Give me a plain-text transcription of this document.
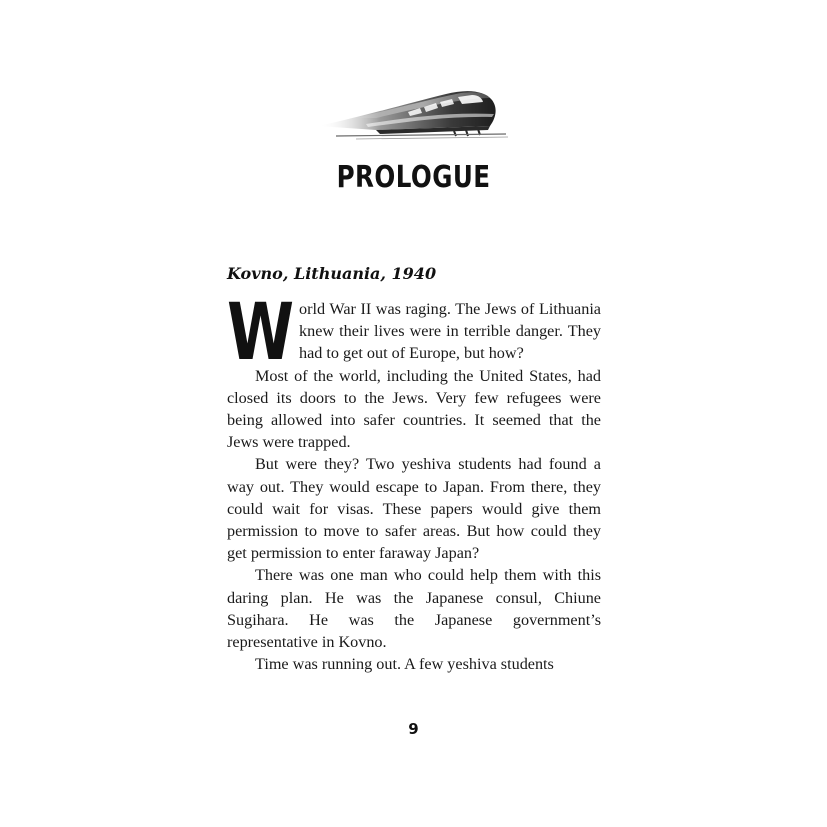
PROLOGUE
Kovno, Lithuania, 1940

World War II was raging. The Jews of Lithuania knew their lives were in terrible danger. They had to get out of Europe, but how?

Most of the world, including the United States, had closed its doors to the Jews. Very few refugees were being allowed into safer countries. It seemed that the Jews were trapped.

But were they? Two yeshiva students had found a way out. They would escape to Japan. From there, they could wait for visas. These papers would give them permission to move to safer areas. But how could they get permission to enter faraway Japan?

There was one man who could help them with this daring plan. He was the Japanese consul, Chiune Sugihara. He was the Japanese government’s representative in Kovno.

Time was running out. A few yeshiva students

9
